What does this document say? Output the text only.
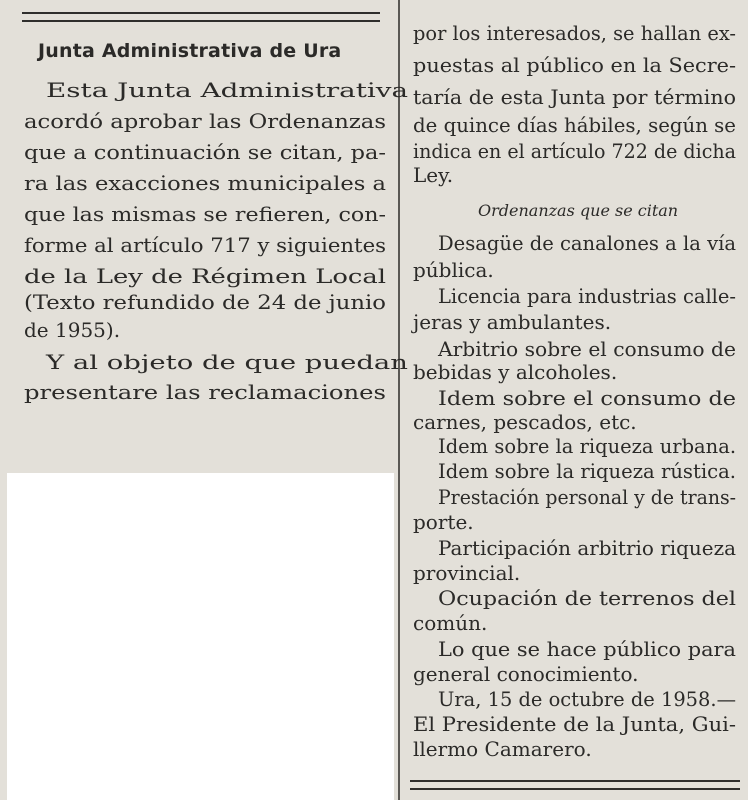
Junta Administrativa de Ura
Esta Junta Administrativa
acordó aprobar las Ordenanzas
que a continuación se citan, pa-
ra las exacciones municipales a
que las mismas se refieren, con-
forme al artículo 717 y siguientes
de la Ley de Régimen Local
(Texto refundido de 24 de junio
de 1955).
Y al objeto de que puedan
presentare las reclamaciones
por los interesados, se hallan ex-
puestas al público en la Secre-
taría de esta Junta por término
de quince días hábiles, según se
indica en el artículo 722 de dicha
Ley.
Ordenanzas que se citan
Desagüe de canalones a la vía
pública.
Licencia para industrias calle-
jeras y ambulantes.
Arbitrio sobre el consumo de
bebidas y alcoholes.
Idem sobre el consumo de
carnes, pescados, etc.
Idem sobre la riqueza urbana.
Idem sobre la riqueza rústica.
Prestación personal y de trans-
porte.
Participación arbitrio riqueza
provincial.
Ocupación de terrenos del
común.
Lo que se hace público para
general conocimiento.
Ura, 15 de octubre de 1958.—
El Presidente de la Junta, Gui-
llermo Camarero.
